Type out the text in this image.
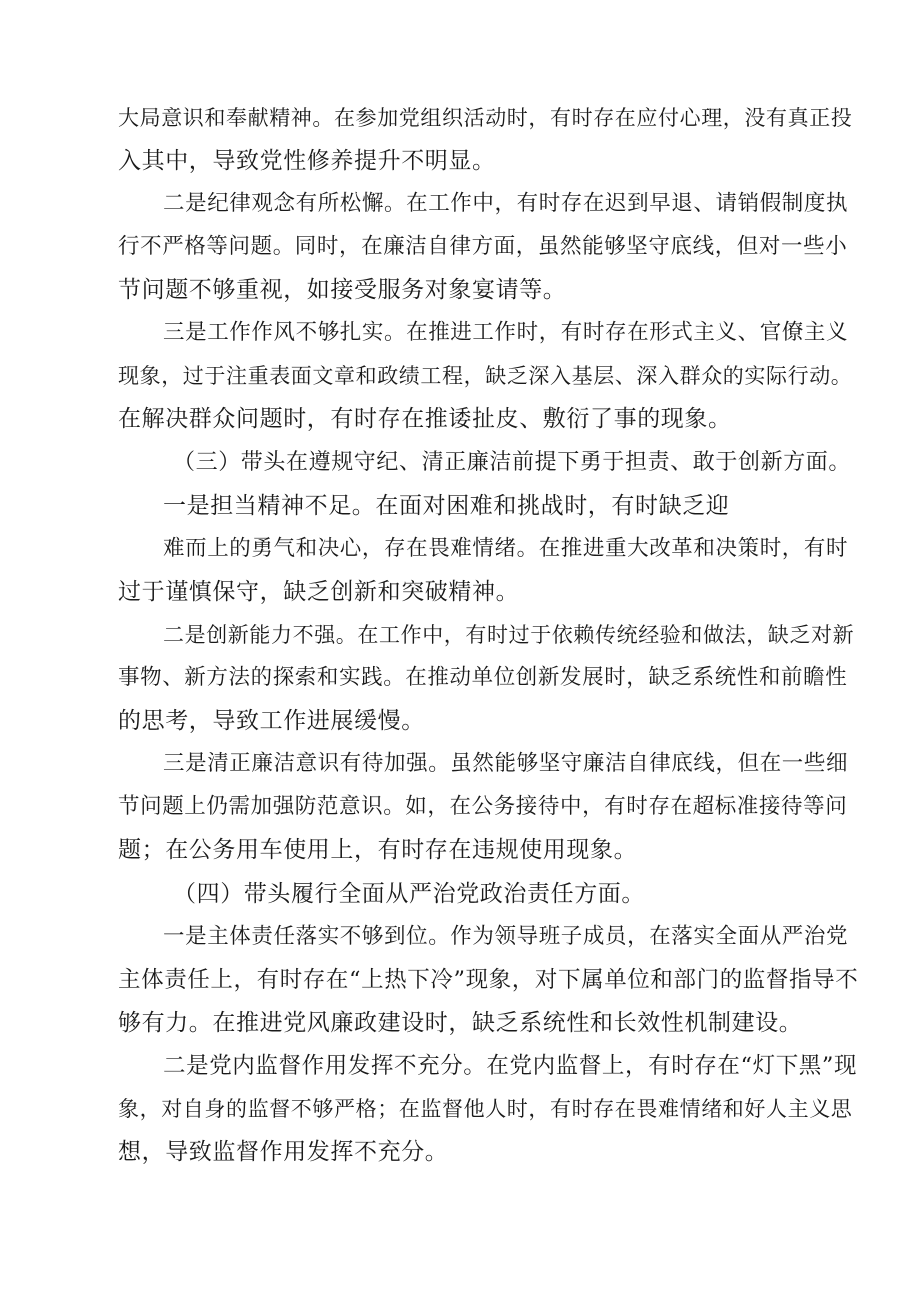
大局意识和奉献精神。在参加党组织活动时，有时存在应付心理，没有真正投
入其中，导致党性修养提升不明显。
二是纪律观念有所松懈。在工作中，有时存在迟到早退、请销假制度执
行不严格等问题。同时，在廉洁自律方面，虽然能够坚守底线，但对一些小
节问题不够重视，如接受服务对象宴请等。
三是工作作风不够扎实。在推进工作时，有时存在形式主义、官僚主义
现象，过于注重表面文章和政绩工程，缺乏深入基层、深入群众的实际行动。
在解决群众问题时，有时存在推诿扯皮、敷衍了事的现象。
（三）带头在遵规守纪、清正廉洁前提下勇于担责、敢于创新方面。
一是担当精神不足。在面对困难和挑战时，有时缺乏迎
难而上的勇气和决心，存在畏难情绪。在推进重大改革和决策时，有时
过于谨慎保守，缺乏创新和突破精神。
二是创新能力不强。在工作中，有时过于依赖传统经验和做法，缺乏对新
事物、新方法的探索和实践。在推动单位创新发展时，缺乏系统性和前瞻性
的思考，导致工作进展缓慢。
三是清正廉洁意识有待加强。虽然能够坚守廉洁自律底线，但在一些细
节问题上仍需加强防范意识。如，在公务接待中，有时存在超标准接待等问
题；在公务用车使用上，有时存在违规使用现象。
（四）带头履行全面从严治党政治责任方面。
一是主体责任落实不够到位。作为领导班子成员，在落实全面从严治党
主体责任上，有时存在“上热下冷”现象，对下属单位和部门的监督指导不
够有力。在推进党风廉政建设时，缺乏系统性和长效性机制建设。
二是党内监督作用发挥不充分。在党内监督上，有时存在“灯下黑”现
象，对自身的监督不够严格；在监督他人时，有时存在畏难情绪和好人主义思
想，导致监督作用发挥不充分。
